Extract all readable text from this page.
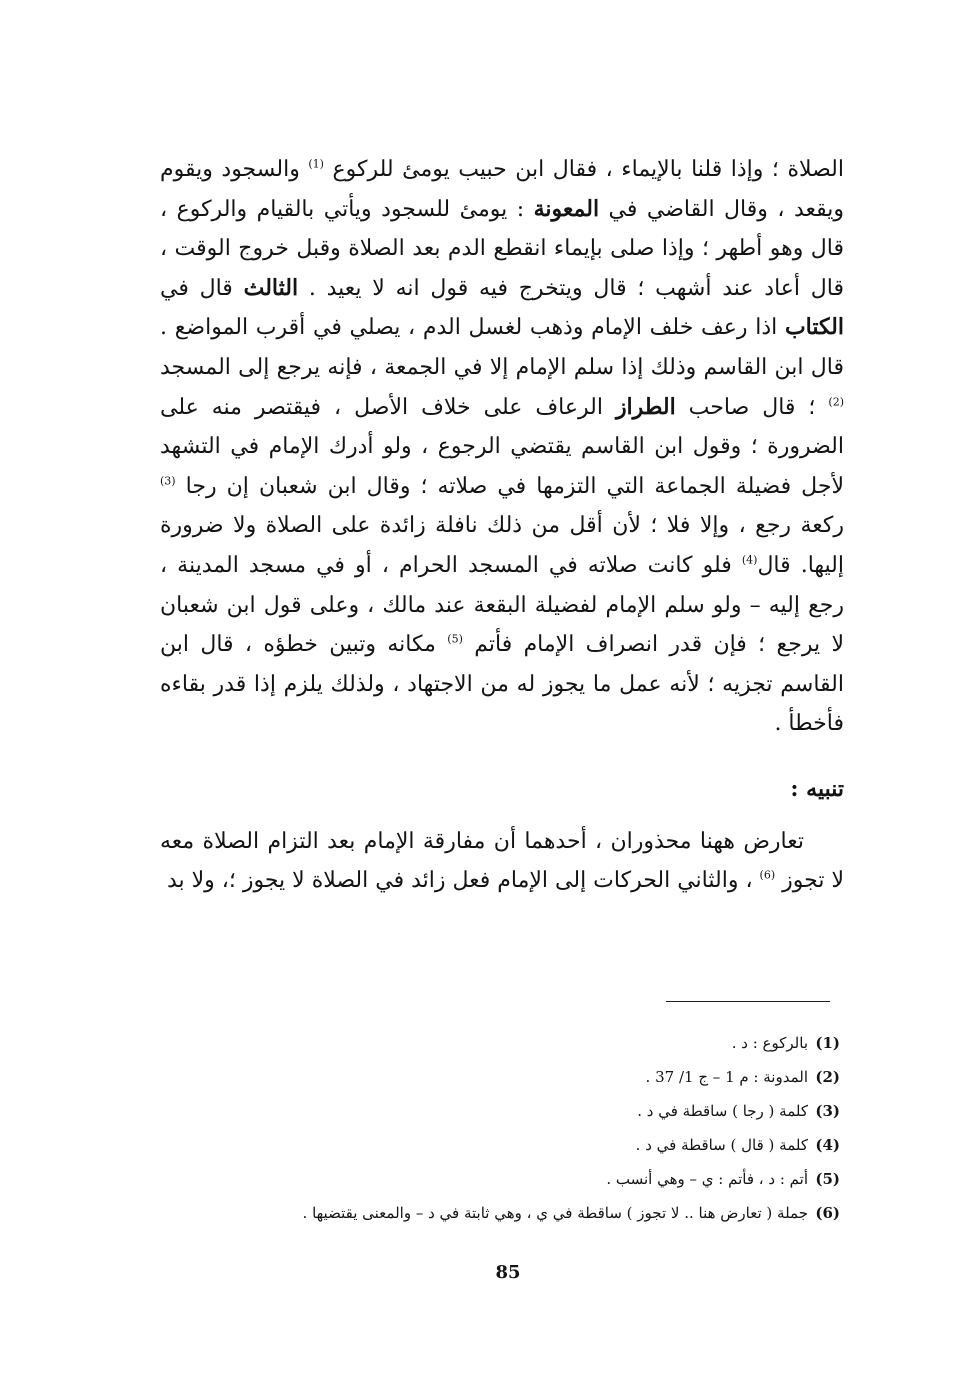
الصلاة ؛ وإذا قلنا بالإيماء ، فقال ابن حبيب يومئ للركوع $^{(1)}$ والسجود ويقوم ويقعد ، وقال القاضي في المعونة : يومئ للسجود ويأتي بالقيام والركوع ، قال وهو أطهر ؛ وإذا صلى بإيماء انقطع الدم بعد الصلاة وقبل خروج الوقت ، قال أعاد عند أشهب ؛ قال ويتخرج فيه قول انه لا يعيد . الثالث قال في الكتاب اذا رعف خلف الإمام وذهب لغسل الدم ، يصلي في أقرب المواضع . قال ابن القاسم وذلك إذا سلم الإمام إلا في الجمعة ، فإنه يرجع إلى المسجد $^{(2)}$ ؛ قال صاحب الطراز الرعاف على خلاف الأصل ، فيقتصر منه على الضرورة ؛ وقول ابن القاسم يقتضي الرجوع ، ولو أدرك الإمام في التشهد لأجل فضيلة الجماعة التي التزمها في صلاته ؛ وقال ابن شعبان إن رجا $^{(3)}$ ركعة رجع ، وإلا فلا ؛ لأن أقل من ذلك نافلة زائدة على الصلاة ولا ضرورة إليها. قال$^{(4)}$ فلو كانت صلاته في المسجد الحرام ، أو في مسجد المدينة ، رجع إليه – ولو سلم الإمام لفضيلة البقعة عند مالك ، وعلى قول ابن شعبان لا يرجع ؛ فإن قدر انصراف الإمام فأتم $^{(5)}$ مكانه وتبين خطؤه ، قال ابن القاسم تجزيه ؛ لأنه عمل ما يجوز له من الاجتهاد ، ولذلك يلزم إذا قدر بقاءه فأخطأ .

تنبيه :

تعارض ههنا محذوران ، أحدهما أن مفارقة الإمام بعد التزام الصلاة معه لا تجوز $^{(6)}$ ، والثاني الحركات إلى الإمام فعل زائد في الصلاة لا يجوز ؛، ولا بد

(1)بالركوع : د .
(2)المدونة : م 1 – ج 1/ 37 .
(3)كلمة ( رجا ) ساقطة في د .
(4)كلمة ( قال ) ساقطة في د .
(5)أتم : د ، فأتم : ي – وهي أنسب .
(6)جملة ( تعارض هنا .. لا تجوز ) ساقطة في ي ، وهي ثابتة في د – والمعنى يقتضيها .
85
